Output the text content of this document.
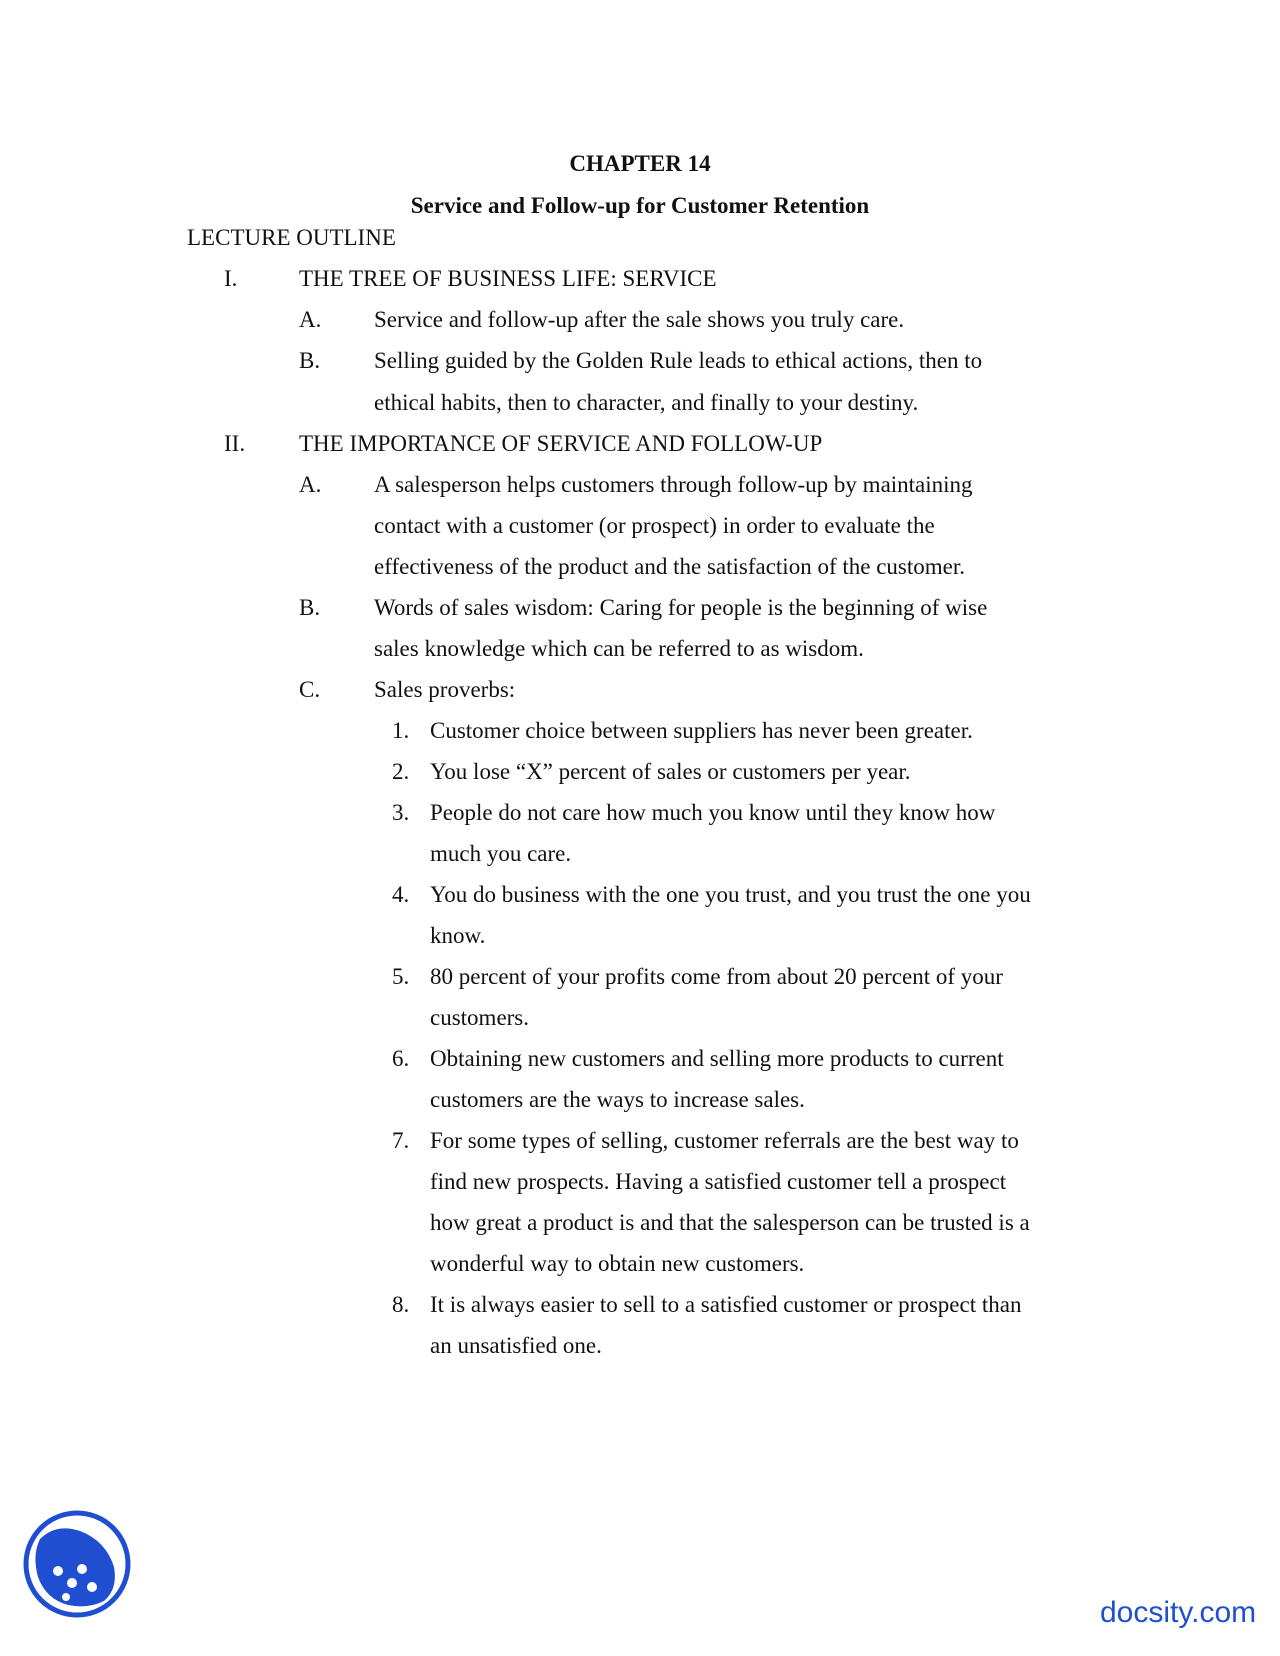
CHAPTER 14
Service and Follow-up for Customer Retention
LECTURE OUTLINE
I.	THE TREE OF BUSINESS LIFE: SERVICE
A. Service and follow-up after the sale shows you truly care.
B. Selling guided by the Golden Rule leads to ethical actions, then to
ethical habits, then to character, and finally to your destiny.
II. THE IMPORTANCE OF SERVICE AND FOLLOW-UP
A. A salesperson helps customers through follow-up by maintaining
contact with a customer (or prospect) in order to evaluate the
effectiveness of the product and the satisfaction of the customer.
B. Words of sales wisdom: Caring for people is the beginning of wise
sales knowledge which can be referred to as wisdom.
C. Sales proverbs:
1. Customer choice between suppliers has never been greater.
2. You lose “X” percent of sales or customers per year.
3. People do not care how much you know until they know how
much you care.
4. You do business with the one you trust, and you trust the one you
know.
5. 80 percent of your profits come from about 20 percent of your
customers.
6. Obtaining new customers and selling more products to current
customers are the ways to increase sales.
7. For some types of selling, customer referrals are the best way to
find new prospects. Having a satisfied customer tell a prospect
how great a product is and that the salesperson can be trusted is a
wonderful way to obtain new customers.
8. It is always easier to sell to a satisfied customer or prospect than
an unsatisfied one.
docsity.com
